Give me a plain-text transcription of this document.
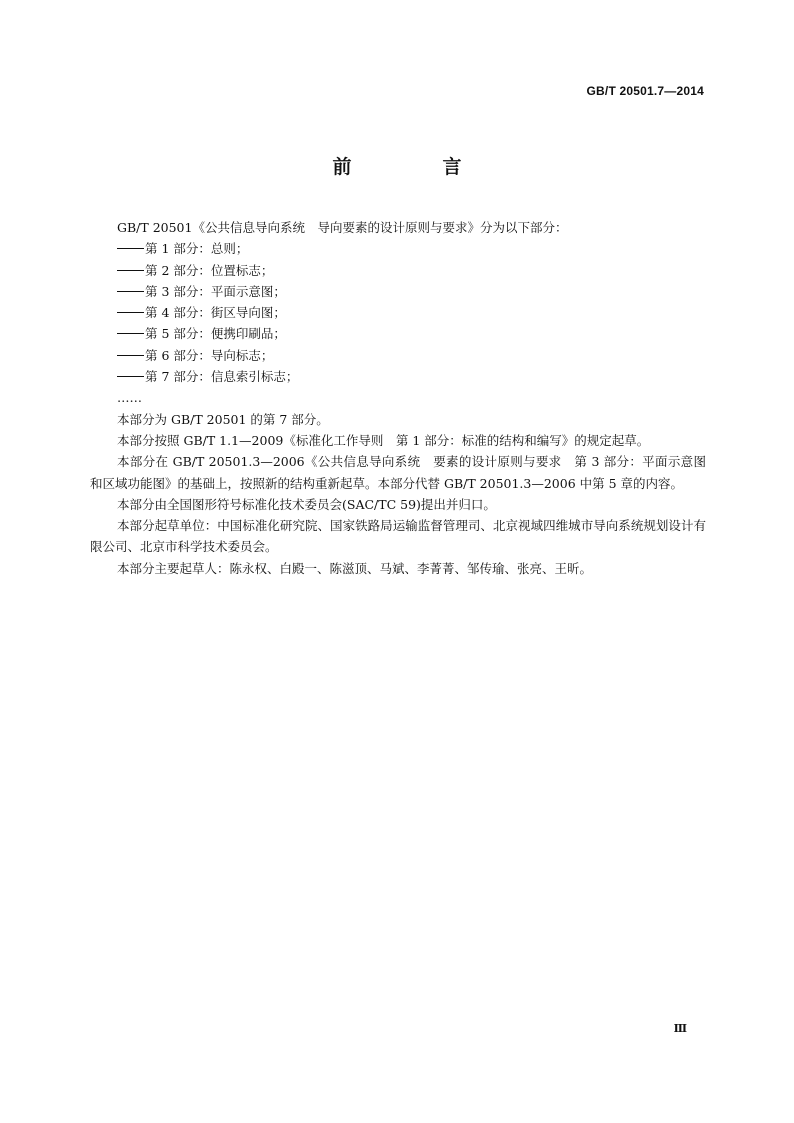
GB/T 20501.7—2014
前　言

GB/T 20501《公共信息导向系统　导向要素的设计原则与要求》分为以下部分：

第 1 部分：总则；

第 2 部分：位置标志；

第 3 部分：平面示意图；

第 4 部分：街区导向图；

第 5 部分：便携印刷品；

第 6 部分：导向标志；

第 7 部分：信息索引标志；

……

本部分为 GB/T 20501 的第 7 部分。

本部分按照 GB/T 1.1—2009《标准化工作导则　第 1 部分：标准的结构和编写》的规定起草。

本部分在 GB/T 20501.3—2006《公共信息导向系统　要素的设计原则与要求　第 3 部分：平面示意图和区域功能图》的基础上，按照新的结构重新起草。本部分代替 GB/T 20501.3—2006 中第 5 章的内容。

本部分由全国图形符号标准化技术委员会(SAC/TC 59)提出并归口。

本部分起草单位：中国标准化研究院、国家铁路局运输监督管理司、北京视域四维城市导向系统规划设计有限公司、北京市科学技术委员会。

本部分主要起草人：陈永权、白殿一、陈滋顶、马斌、李菁菁、邹传瑜、张亮、王昕。

Ⅲ
